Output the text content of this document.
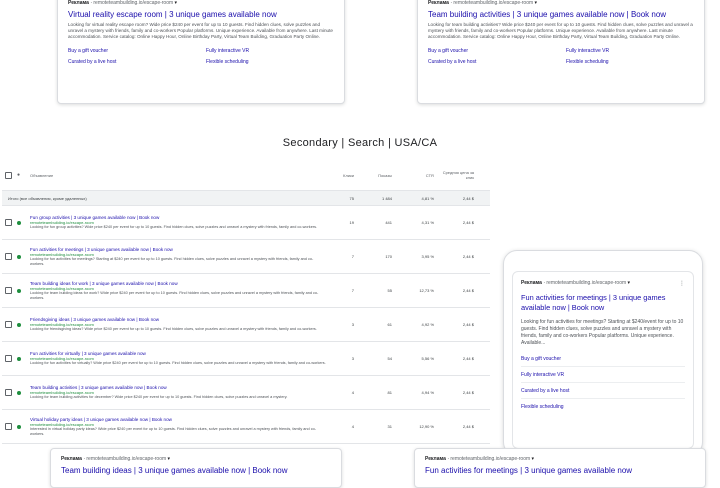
Реклама · remoteteambuilding.io/escape-room ▾
Virtual reality escape room | 3 unique games available now
Looking for virtual reality escape room? Wide price $240 per event for up to 10 guests. Find hidden clues, solve puzzles and unravel a mystery with friends, family and co-workers Popular platforms. Unique experience. Available from anywhere. Last minute accommodation. Service catalog: Online Happy Hour, Online Birthday Party, Virtual Team Building, Graduation Party Online.
Buy a gift voucher	Fully interactive VR
Curated by a live host	Flexible scheduling
Реклама · remoteteambuilding.io/escape-room ▾
Team building activities | 3 unique games available now | Book now
Looking for team building activities? Wide price $240 per event for up to 10 guests. Find hidden clues, solve puzzles and unravel a mystery with friends, family and co-workers Popular platforms. Unique experience. Available from anywhere. Last minute accommodation. Service catalog: Online Happy Hour, Online Birthday Party, Virtual Team Building, Graduation Party Online.
Buy a gift voucher	Fully interactive VR
Curated by a live host	Flexible scheduling
Secondary | Search | USA/CA
●	Объявление	Клики	Показы	CTR	Средняя цена за клик
Итого (все объявления, кроме удаленных)	75	1 484	4,81 %	2,44 $
Fun group activities | 3 unique games available now | Book now
remoteteambuilding.io/escape-room
Looking for fun group activities? Wide price $240 per event for up to 10 guests. Find hidden clues, solve puzzles and unravel a mystery with friends, family and co-workers.
19	441	4,31 %	2,44 $
Fun activities for meetings | 3 unique games available now | Book now
remoteteambuilding.io/escape-room
Looking for fun activities for meetings? Starting at $240 per event for up to 10 guests. Find hidden clues, solve puzzles and unravel a mystery with friends, family and co-workers.
7	170	3,95 %	2,44 $
Team building ideas for work | 3 unique games available now | Book now
remoteteambuilding.io/escape-room
Looking for team building ideas for work? Wide price $240 per event for up to 10 guests. Find hidden clues, solve puzzles and unravel a mystery with friends, family and co-workers.
7	55	12,73 %	2,44 $
Friendsgiving ideas | 3 unique games available now | Book now
remoteteambuilding.io/escape-room
Looking for friendsgiving ideas? Wide price $240 per event for up to 10 guests. Find hidden clues, solve puzzles and unravel a mystery with friends, family and co-workers.
3	61	4,92 %	2,44 $
Fun activities for virtually | 3 unique games available now
remoteteambuilding.io/escape-room
Looking for fun activities for virtually? Wide price $240 per event for up to 10 guests. Find hidden clues, solve puzzles and unravel a mystery with friends, family and co-workers.
3	54	5,56 %	2,44 $
Team building activities | 3 unique games available now | Book now
remoteteambuilding.io/escape-room
Looking for team building activities for december? Wide price $240 per event for up to 10 guests. Find hidden clues, solve puzzles and unravel a mystery.
4	81	4,94 %	2,44 $
Virtual holiday party ideas | 3 unique games available now | Book now
remoteteambuilding.io/escape-room
Interested in virtual holiday party ideas? Wide price $240 per event for up to 10 guests. Find hidden clues, solve puzzles and unravel a mystery with friends, family and co-workers.
4	31	12,90 %	2,44 $
Реклама · remoteteambuilding.io/escape-room ▾	⋮
Fun activities for meetings | 3 unique games available now | Book now
Looking for fun activities for meetings? Starting at $240/event for up to 10 guests. Find hidden clues, solve puzzles and unravel a mystery with friends, family and co-workers Popular platforms. Unique experience. Available...
Buy a gift voucher
Fully interactive VR
Curated by a live host
Flexible scheduling
Реклама · remoteteambuilding.io/escape-room ▾
Team building ideas | 3 unique games available now | Book now
Реклама · remoteteambuilding.io/escape-room ▾
Fun activities for meetings | 3 unique games available now
